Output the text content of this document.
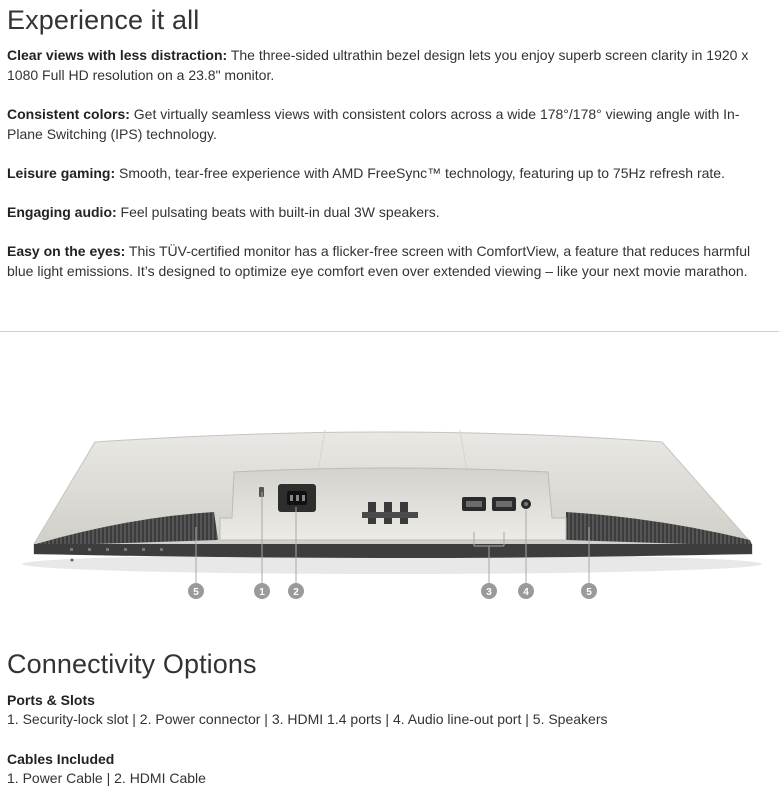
Experience it all

Clear views with less distraction: The three-sided ultrathin bezel design lets you enjoy superb screen clarity in 1920 x 1080 Full HD resolution on a 23.8" monitor.

Consistent colors: Get virtually seamless views with consistent colors across a wide 178°/178° viewing angle with In-Plane Switching (IPS) technology.

Leisure gaming: Smooth, tear-free experience with AMD FreeSync™ technology, featuring up to 75Hz refresh rate.

Engaging audio: Feel pulsating beats with built-in dual 3W speakers.

Easy on the eyes: This TÜV-certified monitor has a flicker-free screen with ComfortView, a feature that reduces harmful blue light emissions. It’s designed to optimize eye comfort even over extended viewing – like your next movie marathon.

5	1	2	3	4	5
Connectivity Options
Ports & Slots
1. Security-lock slot | 2. Power connector | 3. HDMI 1.4 ports | 4. Audio line-out port | 5. Speakers
Cables Included
1. Power Cable | 2. HDMI Cable
